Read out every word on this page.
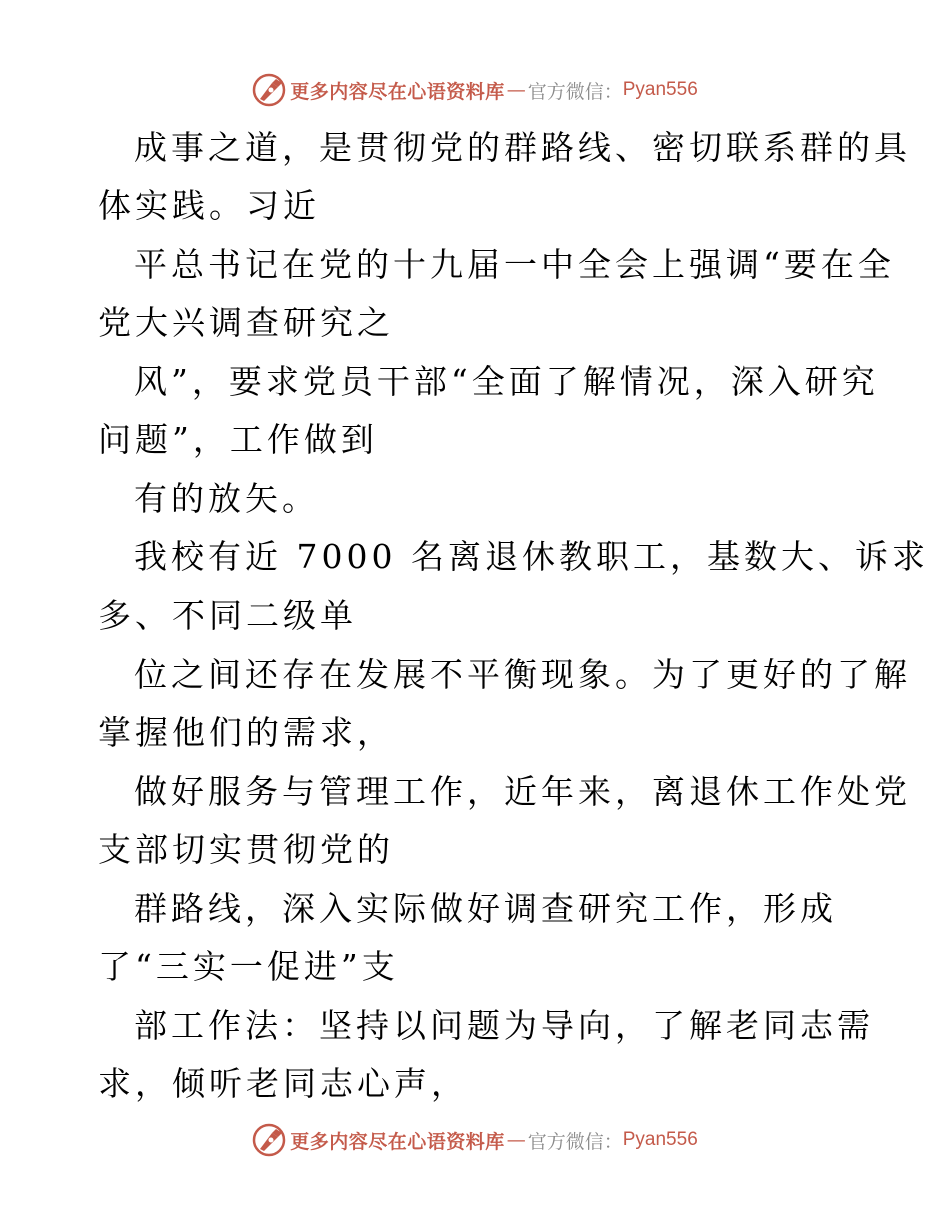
更多内容尽在心语资料库 — 官方微信： Pyan556
成事之道，是贯彻党的群路线、密切联系群的具
体实践。习近
平总书记在党的十九届一中全会上强调“要在全
党大兴调查研究之
风”，要求党员干部“全面了解情况，深入研究
问题”，工作做到
有的放矢。
我校有近 7000 名离退休教职工，基数大、诉求
多、不同二级单
位之间还存在发展不平衡现象。为了更好的了解
掌握他们的需求，
做好服务与管理工作，近年来，离退休工作处党
支部切实贯彻党的
群路线，深入实际做好调查研究工作，形成
了“三实一促进”支
部工作法：坚持以问题为导向，了解老同志需
求，倾听老同志心声，
更多内容尽在心语资料库 — 官方微信： Pyan556
